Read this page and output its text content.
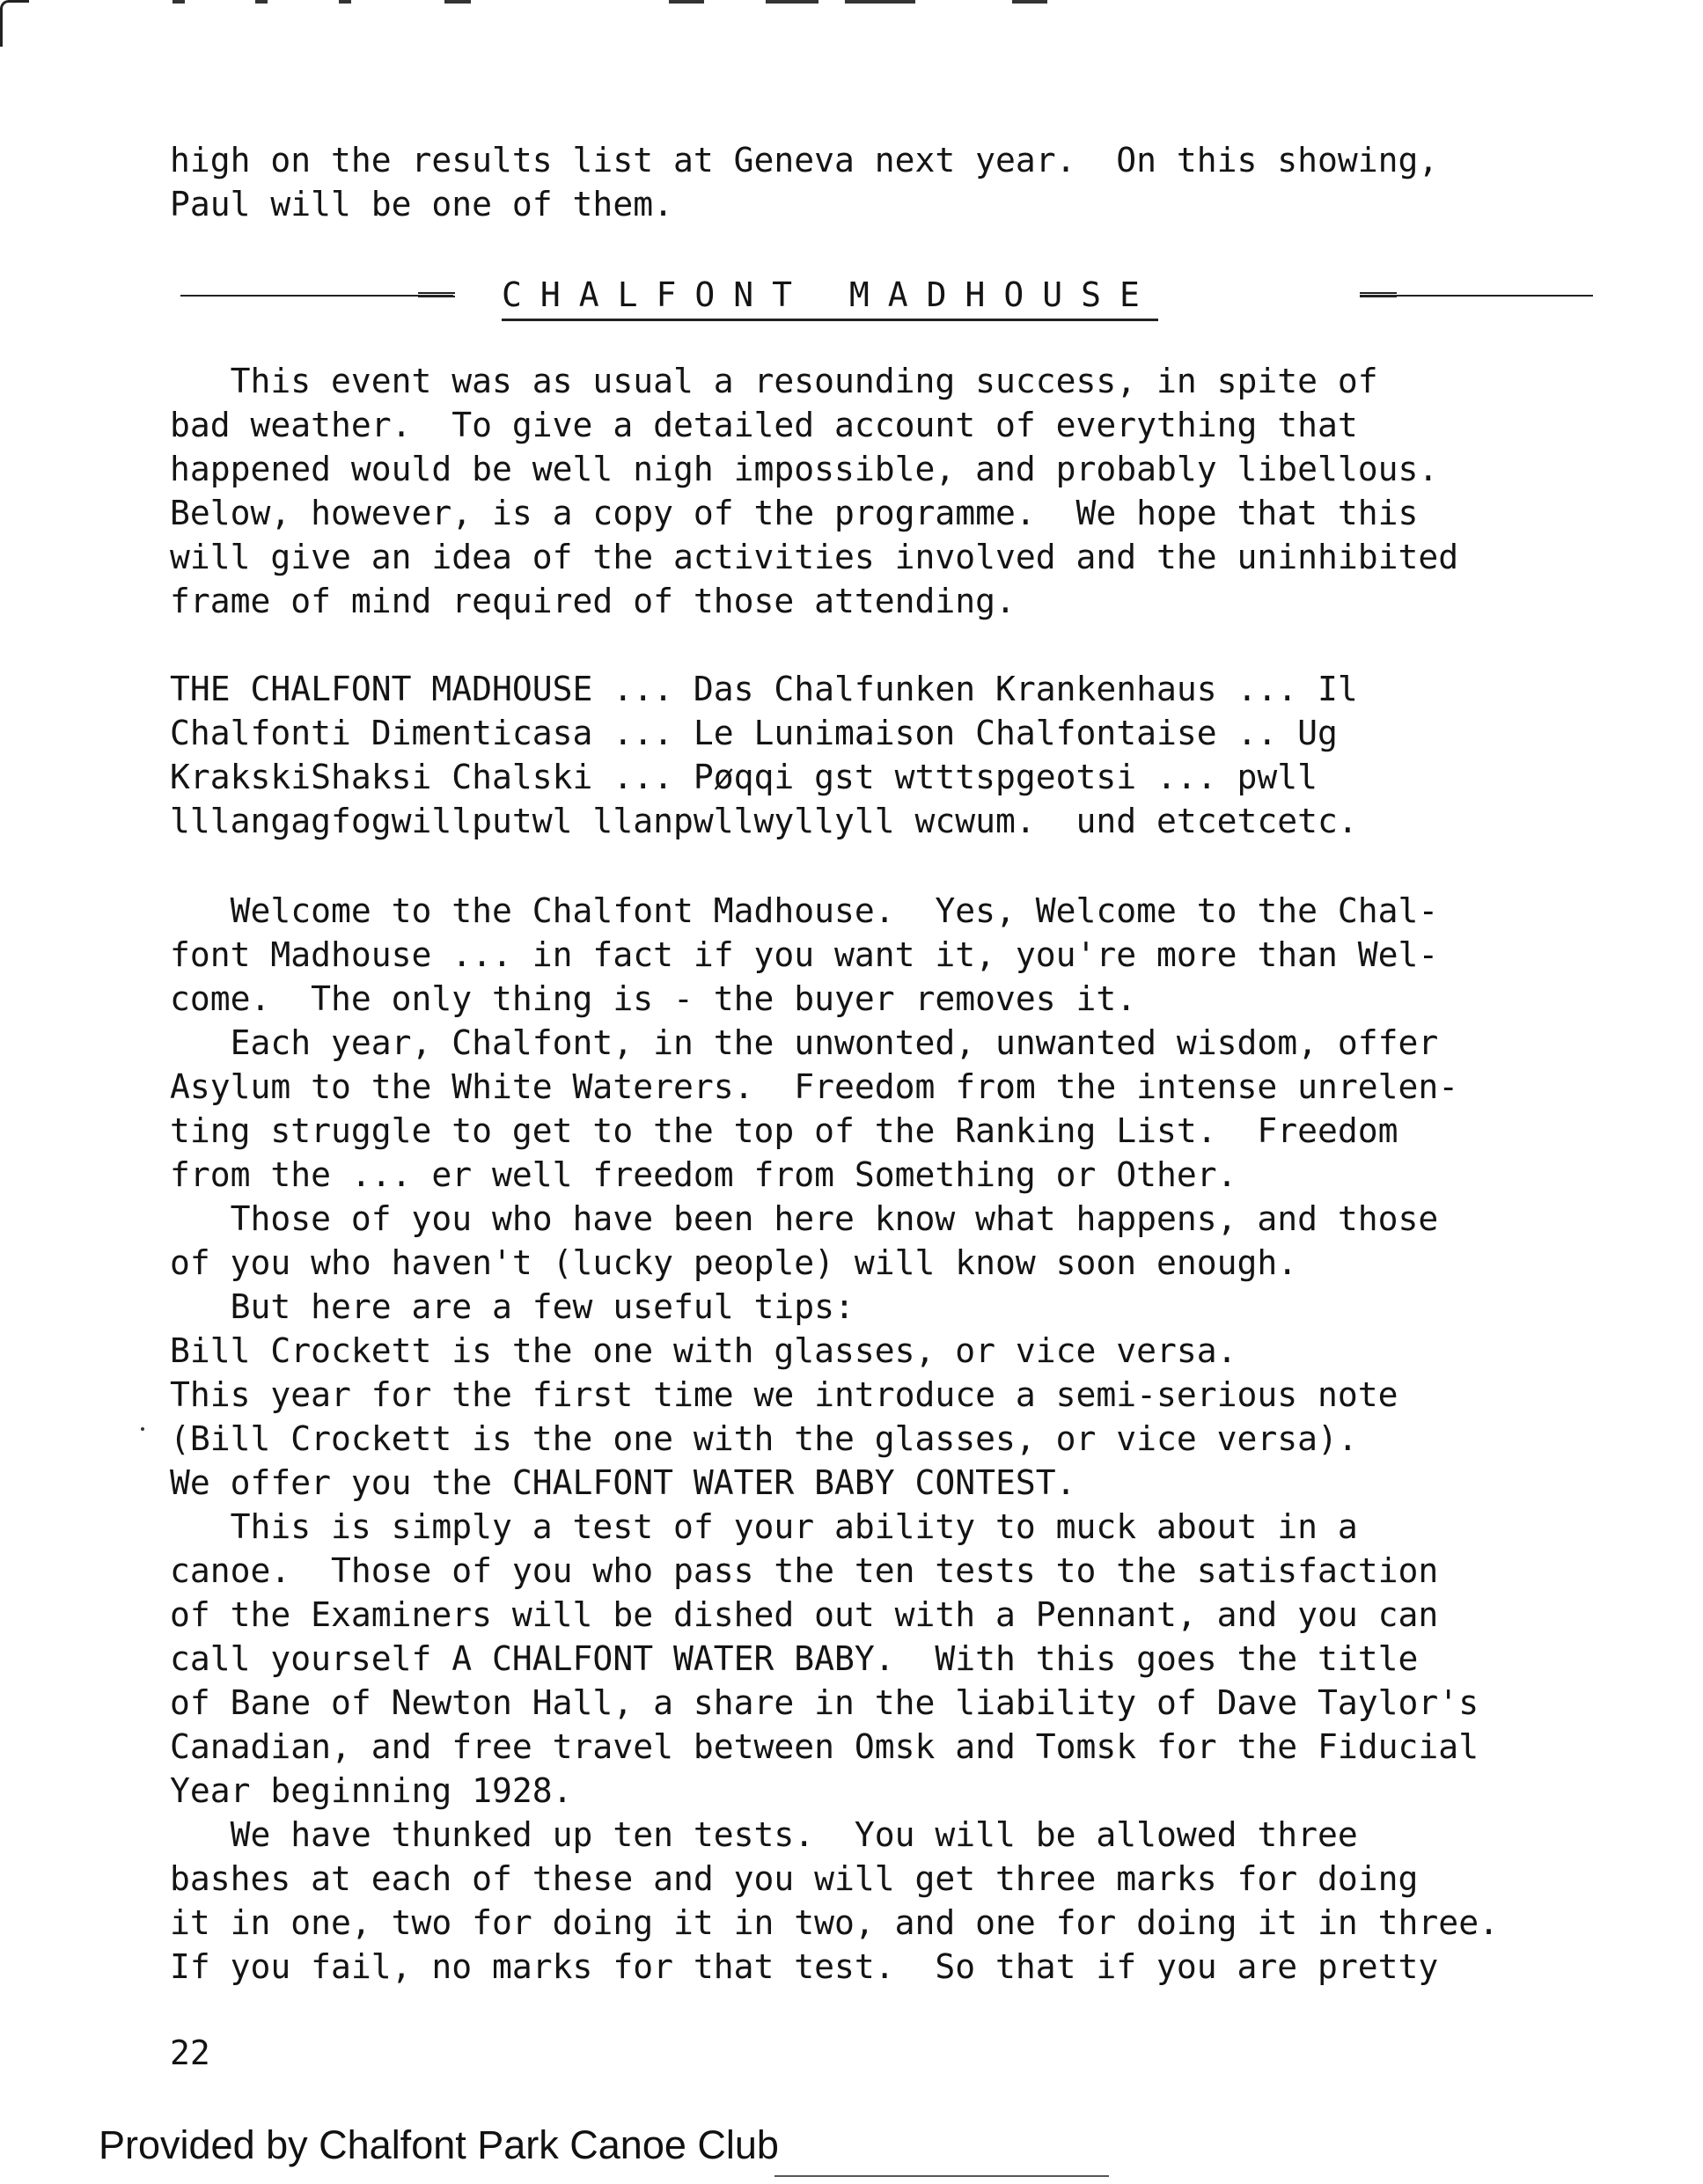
high on the results list at Geneva next year.  On this showing,
Paul will be one of them.
CHALFONT MADHOUSE
This event was as usual a resounding success, in spite of
bad weather.  To give a detailed account of everything that
happened would be well nigh impossible, and probably libellous.
Below, however, is a copy of the programme.  We hope that this
will give an idea of the activities involved and the uninhibited
frame of mind required of those attending.
THE CHALFONT MADHOUSE ... Das Chalfunken Krankenhaus ... Il
Chalfonti Dimenticasa ... Le Lunimaison Chalfontaise .. Ug
KrakskiShaksi Chalski ... Pøqqi gst wtttspgeotsi ... pwll
lllangagfogwillputwl llanpwllwyllyll wcwum.  und etcetcetc.
Welcome to the Chalfont Madhouse.  Yes, Welcome to the Chal-
font Madhouse ... in fact if you want it, you're more than Wel-
come.  The only thing is - the buyer removes it.
Each year, Chalfont, in the unwonted, unwanted wisdom, offer
Asylum to the White Waterers.  Freedom from the intense unrelen-
ting struggle to get to the top of the Ranking List.  Freedom
from the ... er well freedom from Something or Other.
Those of you who have been here know what happens, and those
of you who haven't (lucky people) will know soon enough.
But here are a few useful tips:
Bill Crockett is the one with glasses, or vice versa.
This year for the first time we introduce a semi-serious note
(Bill Crockett is the one with the glasses, or vice versa).
We offer you the CHALFONT WATER BABY CONTEST.
This is simply a test of your ability to muck about in a
canoe.  Those of you who pass the ten tests to the satisfaction
of the Examiners will be dished out with a Pennant, and you can
call yourself A CHALFONT WATER BABY.  With this goes the title
of Bane of Newton Hall, a share in the liability of Dave Taylor's
Canadian, and free travel between Omsk and Tomsk for the Fiducial
Year beginning 1928.
We have thunked up ten tests.  You will be allowed three
bashes at each of these and you will get three marks for doing
it in one, two for doing it in two, and one for doing it in three.
If you fail, no marks for that test.  So that if you are pretty
22
Provided by Chalfont Park Canoe Club
